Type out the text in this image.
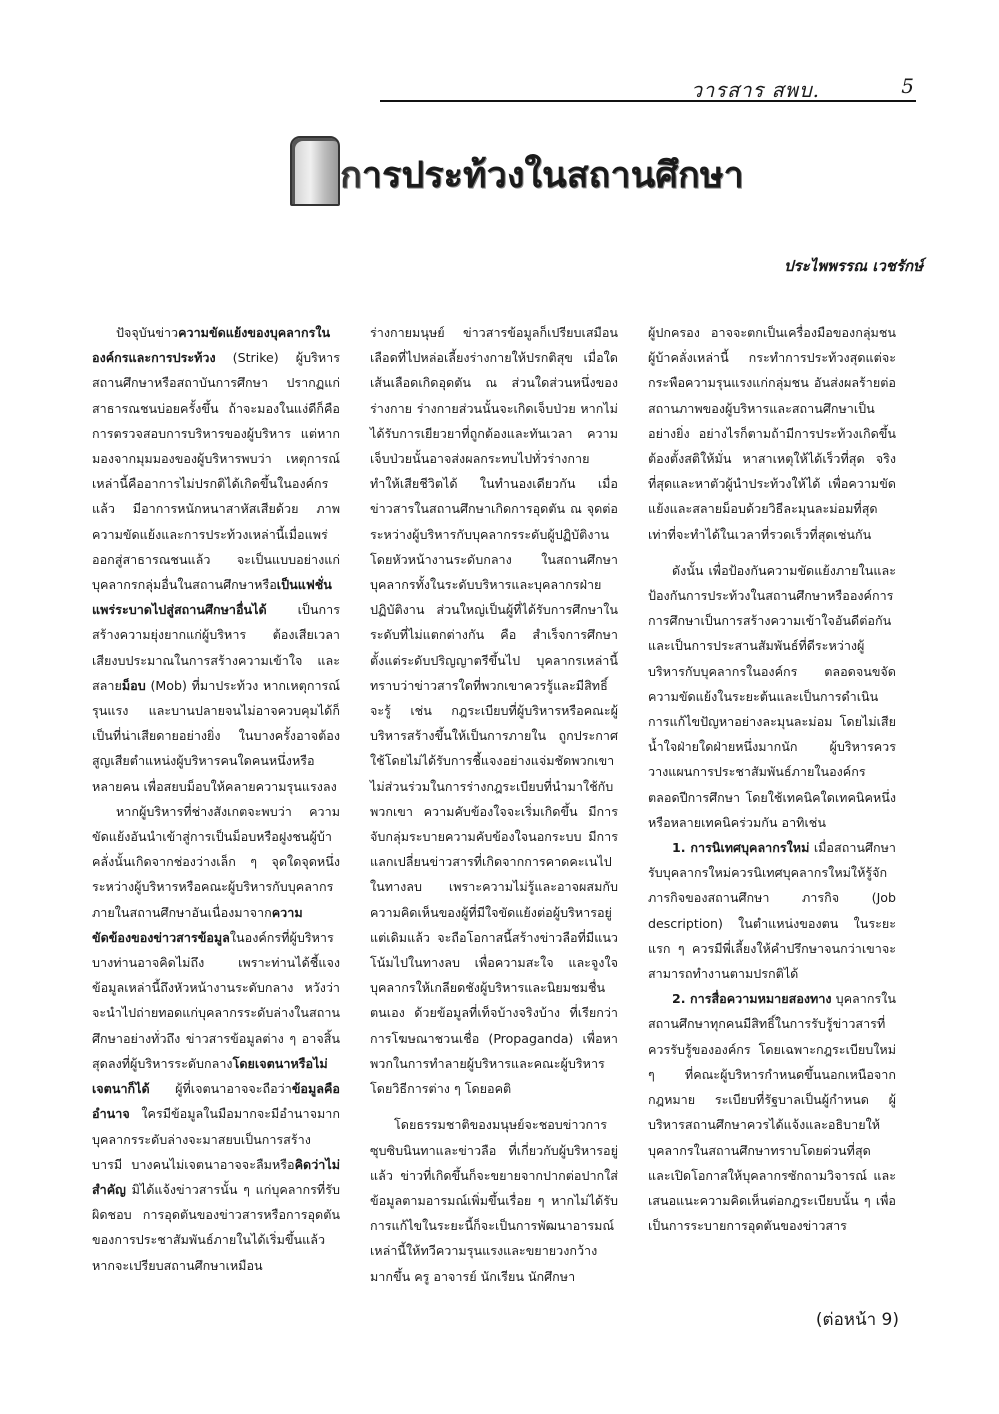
วารสาร สพบ.	5
การประท้วงในสถานศึกษา
ประไพพรรณ เวชรักษ์

ปัจจุบันข่าวความขัดแย้งของบุคลากรในองค์กรและการประท้วง (Strike) ผู้บริหารสถานศึกษาหรือสถาบันการศึกษา ปรากฏแก่สาธารณชนบ่อยครั้งขึ้น ถ้าจะมองในแง่ดีก็คือการตรวจสอบการบริหารของผู้บริหาร แต่หากมองจากมุมมองของผู้บริหารพบว่า เหตุการณ์เหล่านี้คืออาการไม่ปรกติได้เกิดขึ้นในองค์กรแล้ว มีอาการหนักหนาสาหัสเสียด้วย ภาพความขัดแย้งและการประท้วงเหล่านี้เมื่อแพร่ออกสู่สาธารณชนแล้ว จะเป็นแบบอย่างแก่บุคลากรกลุ่มอื่นในสถานศึกษาหรือเป็นแฟชั่นแพร่ระบาดไปสู่สถานศึกษาอื่นได้ เป็นการสร้างความยุ่งยากแก่ผู้บริหาร ต้องเสียเวลา เสียงบประมาณในการสร้างความเข้าใจ และสลายม็อบ (Mob) ที่มาประท้วง หากเหตุการณ์รุนแรง และบานปลายจนไม่อาจควบคุมได้ก็เป็นที่น่าเสียดายอย่างยิ่ง ในบางครั้งอาจต้องสูญเสียตำแหน่งผู้บริหารคนใดคนหนึ่งหรือหลายคน เพื่อสยบม็อบให้คลายความรุนแรงลง

หากผู้บริหารที่ช่างสังเกตจะพบว่า ความขัดแย้งอันนำเข้าสู่การเป็นม็อบหรือฝูงชนผู้บ้าคลั่งนั้นเกิดจากช่องว่างเล็ก ๆ จุดใดจุดหนึ่งระหว่างผู้บริหารหรือคณะผู้บริหารกับบุคลากรภายในสถานศึกษาอันเนื่องมาจากความขัดข้องของข่าวสารข้อมูลในองค์กรที่ผู้บริหารบางท่านอาจคิดไม่ถึง เพราะท่านได้ชี้แจงข้อมูลเหล่านี้ถึงหัวหน้างานระดับกลาง หวังว่าจะนำไปถ่ายทอดแก่บุคลากรระดับล่างในสถานศึกษาอย่างทั่วถึง ข่าวสารข้อมูลต่าง ๆ อาจสิ้นสุดลงที่ผู้บริหารระดับกลางโดยเจตนาหรือไม่เจตนาก็ได้ ผู้ที่เจตนาอาจจะถือว่าข้อมูลคืออำนาจ ใครมีข้อมูลในมือมากจะมีอำนาจมาก บุคลากรระดับล่างจะมาสยบเป็นการสร้างบารมี บางคนไม่เจตนาอาจจะลืมหรือคิดว่าไม่สำคัญ มิได้แจ้งข่าวสารนั้น ๆ แก่บุคลากรที่รับผิดชอบ การอุดตันของข่าวสารหรือการอุดตันของการประชาสัมพันธ์ภายในได้เริ่มขึ้นแล้ว หากจะเปรียบสถานศึกษาเหมือน

ร่างกายมนุษย์ ข่าวสารข้อมูลก็เปรียบเสมือนเลือดที่ไปหล่อเลี้ยงร่างกายให้ปรกติสุข เมื่อใดเส้นเลือดเกิดอุดตัน ณ ส่วนใดส่วนหนึ่งของร่างกาย ร่างกายส่วนนั้นจะเกิดเจ็บป่วย หากไม่ได้รับการเยียวยาที่ถูกต้องและทันเวลา ความเจ็บป่วยนั้นอาจส่งผลกระทบไปทั่วร่างกายทำให้เสียชีวิตได้ ในทำนองเดียวกัน เมื่อข่าวสารในสถานศึกษาเกิดการอุดตัน ณ จุดต่อระหว่างผู้บริหารกับบุคลากรระดับผู้ปฏิบัติงานโดยหัวหน้างานระดับกลาง ในสถานศึกษาบุคลากรทั้งในระดับบริหารและบุคลากรฝ่ายปฏิบัติงาน ส่วนใหญ่เป็นผู้ที่ได้รับการศึกษาในระดับที่ไม่แตกต่างกัน คือ สำเร็จการศึกษาตั้งแต่ระดับปริญญาตรีขึ้นไป บุคลากรเหล่านี้ทราบว่าข่าวสารใดที่พวกเขาควรรู้และมีสิทธิ์จะรู้ เช่น กฎระเบียบที่ผู้บริหารหรือคณะผู้บริหารสร้างขึ้นให้เป็นการภายใน ถูกประกาศใช้โดยไม่ได้รับการชี้แจงอย่างแจ่มชัดพวกเขาไม่ส่วนร่วมในการร่างกฎระเบียบที่นำมาใช้กับพวกเขา ความคับข้องใจจะเริ่มเกิดขึ้น มีการจับกลุ่มระบายความคับข้องใจนอกระบบ มีการแลกเปลี่ยนข่าวสารที่เกิดจากการคาดคะเนไปในทางลบ เพราะความไม่รู้และอาจผสมกับความคิดเห็นของผู้ที่มีใจขัดแย้งต่อผู้บริหารอยู่แต่เดิมแล้ว จะถือโอกาสนี้สร้างข่าวลือที่มีแนวโน้มไปในทางลบ เพื่อความสะใจ และจูงใจบุคลากรให้เกลียดชังผู้บริหารและนิยมชมชื่นตนเอง ด้วยข้อมูลที่เท็จบ้างจริงบ้าง ที่เรียกว่า การโฆษณาชวนเชื่อ (Propaganda) เพื่อหาพวกในการทำลายผู้บริหารและคณะผู้บริหารโดยวิธีการต่าง ๆ โดยอคติ

โดยธรรมชาติของมนุษย์จะชอบข่าวการซุบซิบนินทาและข่าวลือ ที่เกี่ยวกับผู้บริหารอยู่แล้ว ข่าวที่เกิดขึ้นก็จะขยายจากปากต่อปากใส่ข้อมูลตามอารมณ์เพิ่มขึ้นเรื่อย ๆ หากไม่ได้รับการแก้ไขในระยะนี้ก็จะเป็นการพัฒนาอารมณ์เหล่านี้ให้ทวีความรุนแรงและขยายวงกว้างมากขึ้น ครู อาจารย์ นักเรียน นักศึกษา

ผู้ปกครอง อาจจะตกเป็นเครื่องมือของกลุ่มชนผู้บ้าคลั่งเหล่านี้ กระทำการประท้วงสุดแต่จะกระพือความรุนแรงแก่กลุ่มชน อันส่งผลร้ายต่อสถานภาพของผู้บริหารและสถานศึกษาเป็นอย่างยิ่ง อย่างไรก็ตามถ้ามีการประท้วงเกิดขึ้นต้องตั้งสติให้มั่น หาสาเหตุให้ได้เร็วที่สุด จริงที่สุดและหาตัวผู้นำประท้วงให้ได้ เพื่อความขัดแย้งและสลายม็อบด้วยวิธีละมุนละม่อมที่สุดเท่าที่จะทำได้ในเวลาที่รวดเร็วที่สุดเช่นกัน

ดังนั้น เพื่อป้องกันความขัดแย้งภายในและป้องกันการประท้วงในสถานศึกษาหรือองค์การการศึกษาเป็นการสร้างความเข้าใจอันดีต่อกัน และเป็นการประสานสัมพันธ์ที่ดีระหว่างผู้บริหารกับบุคลากรในองค์กร ตลอดจนขจัดความขัดแย้งในระยะต้นและเป็นการดำเนินการแก้ไขปัญหาอย่างละมุนละม่อม โดยไม่เสียน้ำใจฝ่ายใดฝ่ายหนึ่งมากนัก ผู้บริหารควรวางแผนการประชาสัมพันธ์ภายในองค์กรตลอดปีการศึกษา โดยใช้เทคนิคใดเทคนิคหนึ่งหรือหลายเทคนิคร่วมกัน อาทิเช่น

1. การนิเทศบุคลากรใหม่ เมื่อสถานศึกษารับบุคลากรใหม่ควรนิเทศบุคลากรใหม่ให้รู้จักภารกิจของสถานศึกษา ภารกิจ (Job description) ในตำแหน่งของตน ในระยะแรก ๆ ควรมีพี่เลี้ยงให้คำปรึกษาจนกว่าเขาจะสามารถทำงานตามปรกติได้

2. การสื่อความหมายสองทาง บุคลากรในสถานศึกษาทุกคนมีสิทธิ์ในการรับรู้ข่าวสารที่ควรรับรู้ขององค์กร โดยเฉพาะกฎระเบียบใหม่ ๆ ที่คณะผู้บริหารกำหนดขึ้นนอกเหนือจากกฎหมาย ระเบียบที่รัฐบาลเป็นผู้กำหนด ผู้บริหารสถานศึกษาควรได้แจ้งและอธิบายให้บุคลากรในสถานศึกษาทราบโดยด่วนที่สุด และเปิดโอกาสให้บุคลากรซักถามวิจารณ์ และเสนอแนะความคิดเห็นต่อกฎระเบียบนั้น ๆ เพื่อเป็นการระบายการอุดตันของข่าวสาร

(ต่อหน้า 9)
